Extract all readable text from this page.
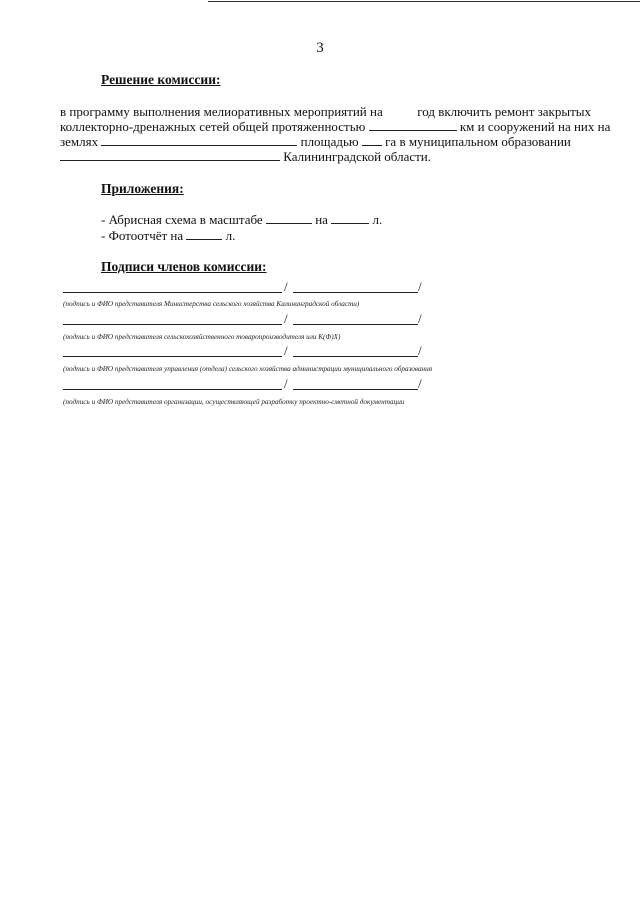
3
Решение комиссии:
в программу выполнения мелиоративных мероприятий на	год включить ремонт закрытых
коллекторно-дренажных сетей общей протяженностью	км и сооружений на них на
землях	площадью га в муниципальном образовании
Калининградской области.
Приложения:
- Абрисная схема в масштабе	на	л.
- Фотоотчёт на	л.
Подписи членов комиссии:
/	/
(подпись и ФИО представителя Министерства сельского хозяйства Калининградской области)
/	/
(подпись и ФИО представителя сельскохозяйственного товаропроизводителя или К(Ф)Х)
/	/
(подпись и ФИО представителя управления (отдела) сельского хозяйства администрации муниципального образования
/	/
(подпись и ФИО представителя организации, осуществляющей разработку проектно-сметной документации
